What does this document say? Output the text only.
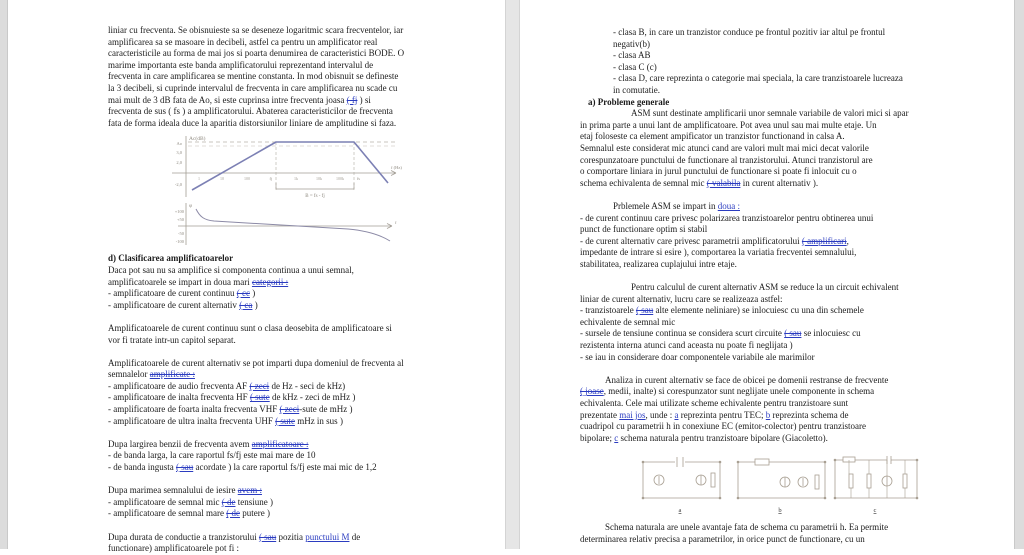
liniar cu frecventa. Se obisnuieste sa se deseneze logaritmic scara frecventelor, iar
amplificarea sa se masoare in decibeli, astfel ca pentru un amplificator real
caracteristicile au forma de mai jos si poarta denumirea de caracteristici BODE. O
marime importanta este banda amplificatorului reprezentand intervalul de
frecventa in care amplificarea se mentine constanta. In mod obisnuit se defineste
la 3 decibeli, si cuprinde intervalul de frecventa in care amplificarea nu scade cu
mai mult de 3 dB fata de Ao, si este cuprinsa intre frecventa joasa ( fj ) si
frecventa de sus ( fs ) a amplificatorului. Abaterea caracteristicilor de frecventa
fata de forma ideala duce la aparitia distorsiunilor liniare de amplitudine si faza.
Ac(dB)
Ao
3,0
2,0
-2,0
1	10	100	1k	10k	100k
fj	fs
B = fs - fj
f (Hz)
φ
+100
+50
-50
-100
f
d) Clasificarea amplificatoarelor
Daca pot sau nu sa amplifice si componenta continua a unui semnal,
amplificatoarele se impart in doua mari categorii :
- amplificatoare de curent continuu ( cc )
- amplificatoare de curent alternativ ( ca )

Amplificatoarele de curent continuu sunt o clasa deosebita de amplificatoare si
vor fi tratate intr-un capitol separat.

Amplificatoarele de curent alternativ se pot imparti dupa domeniul de frecventa al
semnalelor amplificate :
- amplificatoare de audio frecventa AF ( zeci de Hz - seci de kHz)
- amplificatoare de inalta frecventa HF ( sute de kHz - zeci de mHz )
- amplificatoare de foarta inalta frecventa VHF ( zeci-sute de mHz )
- amplificatoare de ultra inalta frecventa UHF ( sute mHz in sus )

Dupa largirea benzii de frecventa avem amplificatoare :
- de banda larga, la care raportul fs/fj este mai mare de 10
- de banda ingusta ( sau acordate ) la care raportul fs/fj este mai mic de 1,2

Dupa marimea semnalului de iesire avem :
- amplificatoare de semnal mic ( de tensiune )
- amplificatoare de semnal mare ( de putere )

Dupa durata de conductie a tranzistorului ( sau pozitia punctului M de
functionare) amplificatoarele pot fi :
- clasa B, in care un tranzistor conduce pe frontul pozitiv iar altul pe frontul
negativ(b)
- clasa AB
- clasa C (c)
- clasa D, care reprezinta o categorie mai speciala, la care tranzistoarele lucreaza
in comutatie.
a) Probleme generale
ASM sunt destinate amplificarii unor semnale variabile de valori mici si apar
in prima parte a unui lant de amplificatoare. Pot avea unul sau mai multe etaje. Un
etaj foloseste ca element ampificator un tranzistor functionand in calsa A.
Semnalul este considerat mic atunci cand are valori mult mai mici decat valorile
corespunzatoare punctului de functionare al tranzistorului. Atunci tranzistorul are
o comportare liniara in jurul punctului de functionare si poate fi inlocuit cu o
schema echivalenta de semnal mic ( valabila in curent alternativ ).

Prblemele ASM se impart in doua :
- de curent continuu care privesc polarizarea tranzistoarelor pentru obtinerea unui
punct de functionare optim si stabil
- de curent alternativ care privesc parametrii amplificatorului ( amplificari,
impedante de intrare si esire ), comportarea la variatia frecventei semnalului,
stabilitatea, realizarea cuplajului intre etaje.

Pentru calculul de curent alternativ ASM se reduce la un circuit echivalent
liniar de curent alternativ, lucru care se realizeaza astfel:
- tranzistoarele ( sau alte elemente neliniare) se inlocuiesc cu una din schemele
echivalente de semnal mic
- sursele de tensiune continua se considera scurt circuite ( sau se inlocuiesc cu
rezistenta interna atunci cand aceasta nu poate fi neglijata )
- se iau in considerare doar componentele variabile ale marimilor

Analiza in curent alternativ se face de obicei pe domenii restranse de frecvente
( joase, medii, inalte) si corespunzator sunt neglijate unele componente in schema
echivalenta. Cele mai utilizate scheme echivalente pentru tranzistoare sunt
prezentate mai jos, unde : a reprezinta pentru TEC; b reprezinta schema de
cuadripol cu parametrii h in conexiune EC (emitor-colector) pentru tranzistoare
bipolare; c schema naturala pentru tranzistoare bipolare (Giacoletto).
a	b	c
Schema naturala are unele avantaje fata de schema cu parametrii h. Ea permite
determinarea relativ precisa a parametrilor, in orice punct de functionare, cu un
